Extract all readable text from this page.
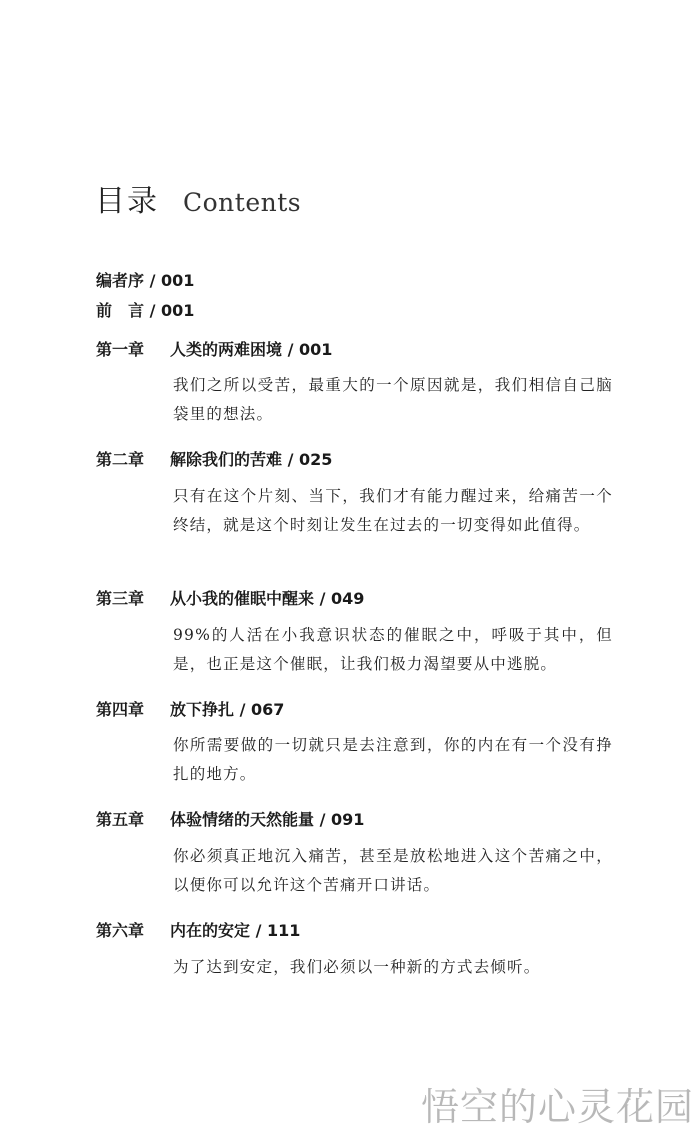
目录 Contents
编者序 / 001
前 言 / 001
第一章 人类的两难困境 / 001
我们之所以受苦，最重大的一个原因就是，我们相信自己脑袋里的想法。
第二章 解除我们的苦难 / 025
只有在这个片刻、当下，我们才有能力醒过来，给痛苦一个终结，就是这个时刻让发生在过去的一切变得如此值得。
第三章 从小我的催眠中醒来 / 049
99%的人活在小我意识状态的催眠之中，呼吸于其中，但是，也正是这个催眠，让我们极力渴望要从中逃脱。
第四章 放下挣扎 / 067
你所需要做的一切就只是去注意到，你的内在有一个没有挣扎的地方。
第五章 体验情绪的天然能量 / 091
你必须真正地沉入痛苦，甚至是放松地进入这个苦痛之中，以便你可以允许这个苦痛开口讲话。
第六章 内在的安定 / 111
为了达到安定，我们必须以一种新的方式去倾听。
悟空的心灵花园
